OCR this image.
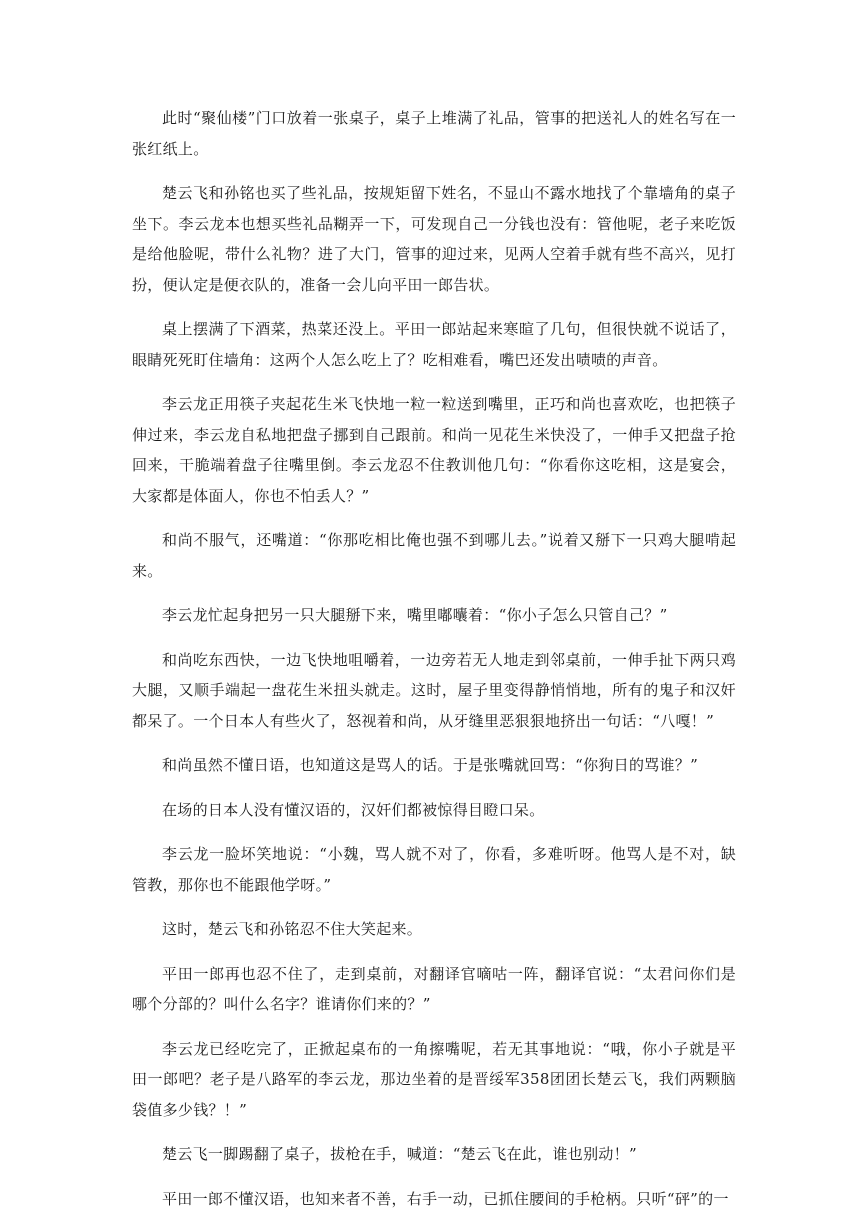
此时“聚仙楼”门口放着一张桌子，桌子上堆满了礼品，管事的把送礼人的姓名写在一张红纸上。

楚云飞和孙铭也买了些礼品，按规矩留下姓名，不显山不露水地找了个靠墙角的桌子坐下。李云龙本也想买些礼品糊弄一下，可发现自己一分钱也没有：管他呢，老子来吃饭是给他脸呢，带什么礼物？进了大门，管事的迎过来，见两人空着手就有些不高兴，见打扮，便认定是便衣队的，准备一会儿向平田一郎告状。

桌上摆满了下酒菜，热菜还没上。平田一郎站起来寒暄了几句，但很快就不说话了，眼睛死死盯住墙角：这两个人怎么吃上了？吃相难看，嘴巴还发出啧啧的声音。

李云龙正用筷子夹起花生米飞快地一粒一粒送到嘴里，正巧和尚也喜欢吃，也把筷子伸过来，李云龙自私地把盘子挪到自己跟前。和尚一见花生米快没了，一伸手又把盘子抢回来，干脆端着盘子往嘴里倒。李云龙忍不住教训他几句：“你看你这吃相，这是宴会，大家都是体面人，你也不怕丢人？”

和尚不服气，还嘴道：“你那吃相比俺也强不到哪儿去。”说着又掰下一只鸡大腿啃起来。

李云龙忙起身把另一只大腿掰下来，嘴里嘟囔着：“你小子怎么只管自己？”

和尚吃东西快，一边飞快地咀嚼着，一边旁若无人地走到邻桌前，一伸手扯下两只鸡大腿，又顺手端起一盘花生米扭头就走。这时，屋子里变得静悄悄地，所有的鬼子和汉奸都呆了。一个日本人有些火了，怒视着和尚，从牙缝里恶狠狠地挤出一句话：“八嘎！”

和尚虽然不懂日语，也知道这是骂人的话。于是张嘴就回骂：“你狗日的骂谁？”

在场的日本人没有懂汉语的，汉奸们都被惊得目瞪口呆。

李云龙一脸坏笑地说：“小魏，骂人就不对了，你看，多难听呀。他骂人是不对，缺管教，那你也不能跟他学呀。”

这时，楚云飞和孙铭忍不住大笑起来。

平田一郎再也忍不住了，走到桌前，对翻译官嘀咕一阵，翻译官说：“太君问你们是哪个分部的？叫什么名字？谁请你们来的？”

李云龙已经吃完了，正掀起桌布的一角擦嘴呢，若无其事地说：“哦，你小子就是平田一郎吧？老子是八路军的李云龙，那边坐着的是晋绥军358团团长楚云飞，我们两颗脑袋值多少钱？！”

楚云飞一脚踢翻了桌子，拔枪在手，喊道：“楚云飞在此，谁也别动！”

平田一郎不懂汉语，也知来者不善，右手一动，已抓住腰间的手枪柄。只听“砰”的一
